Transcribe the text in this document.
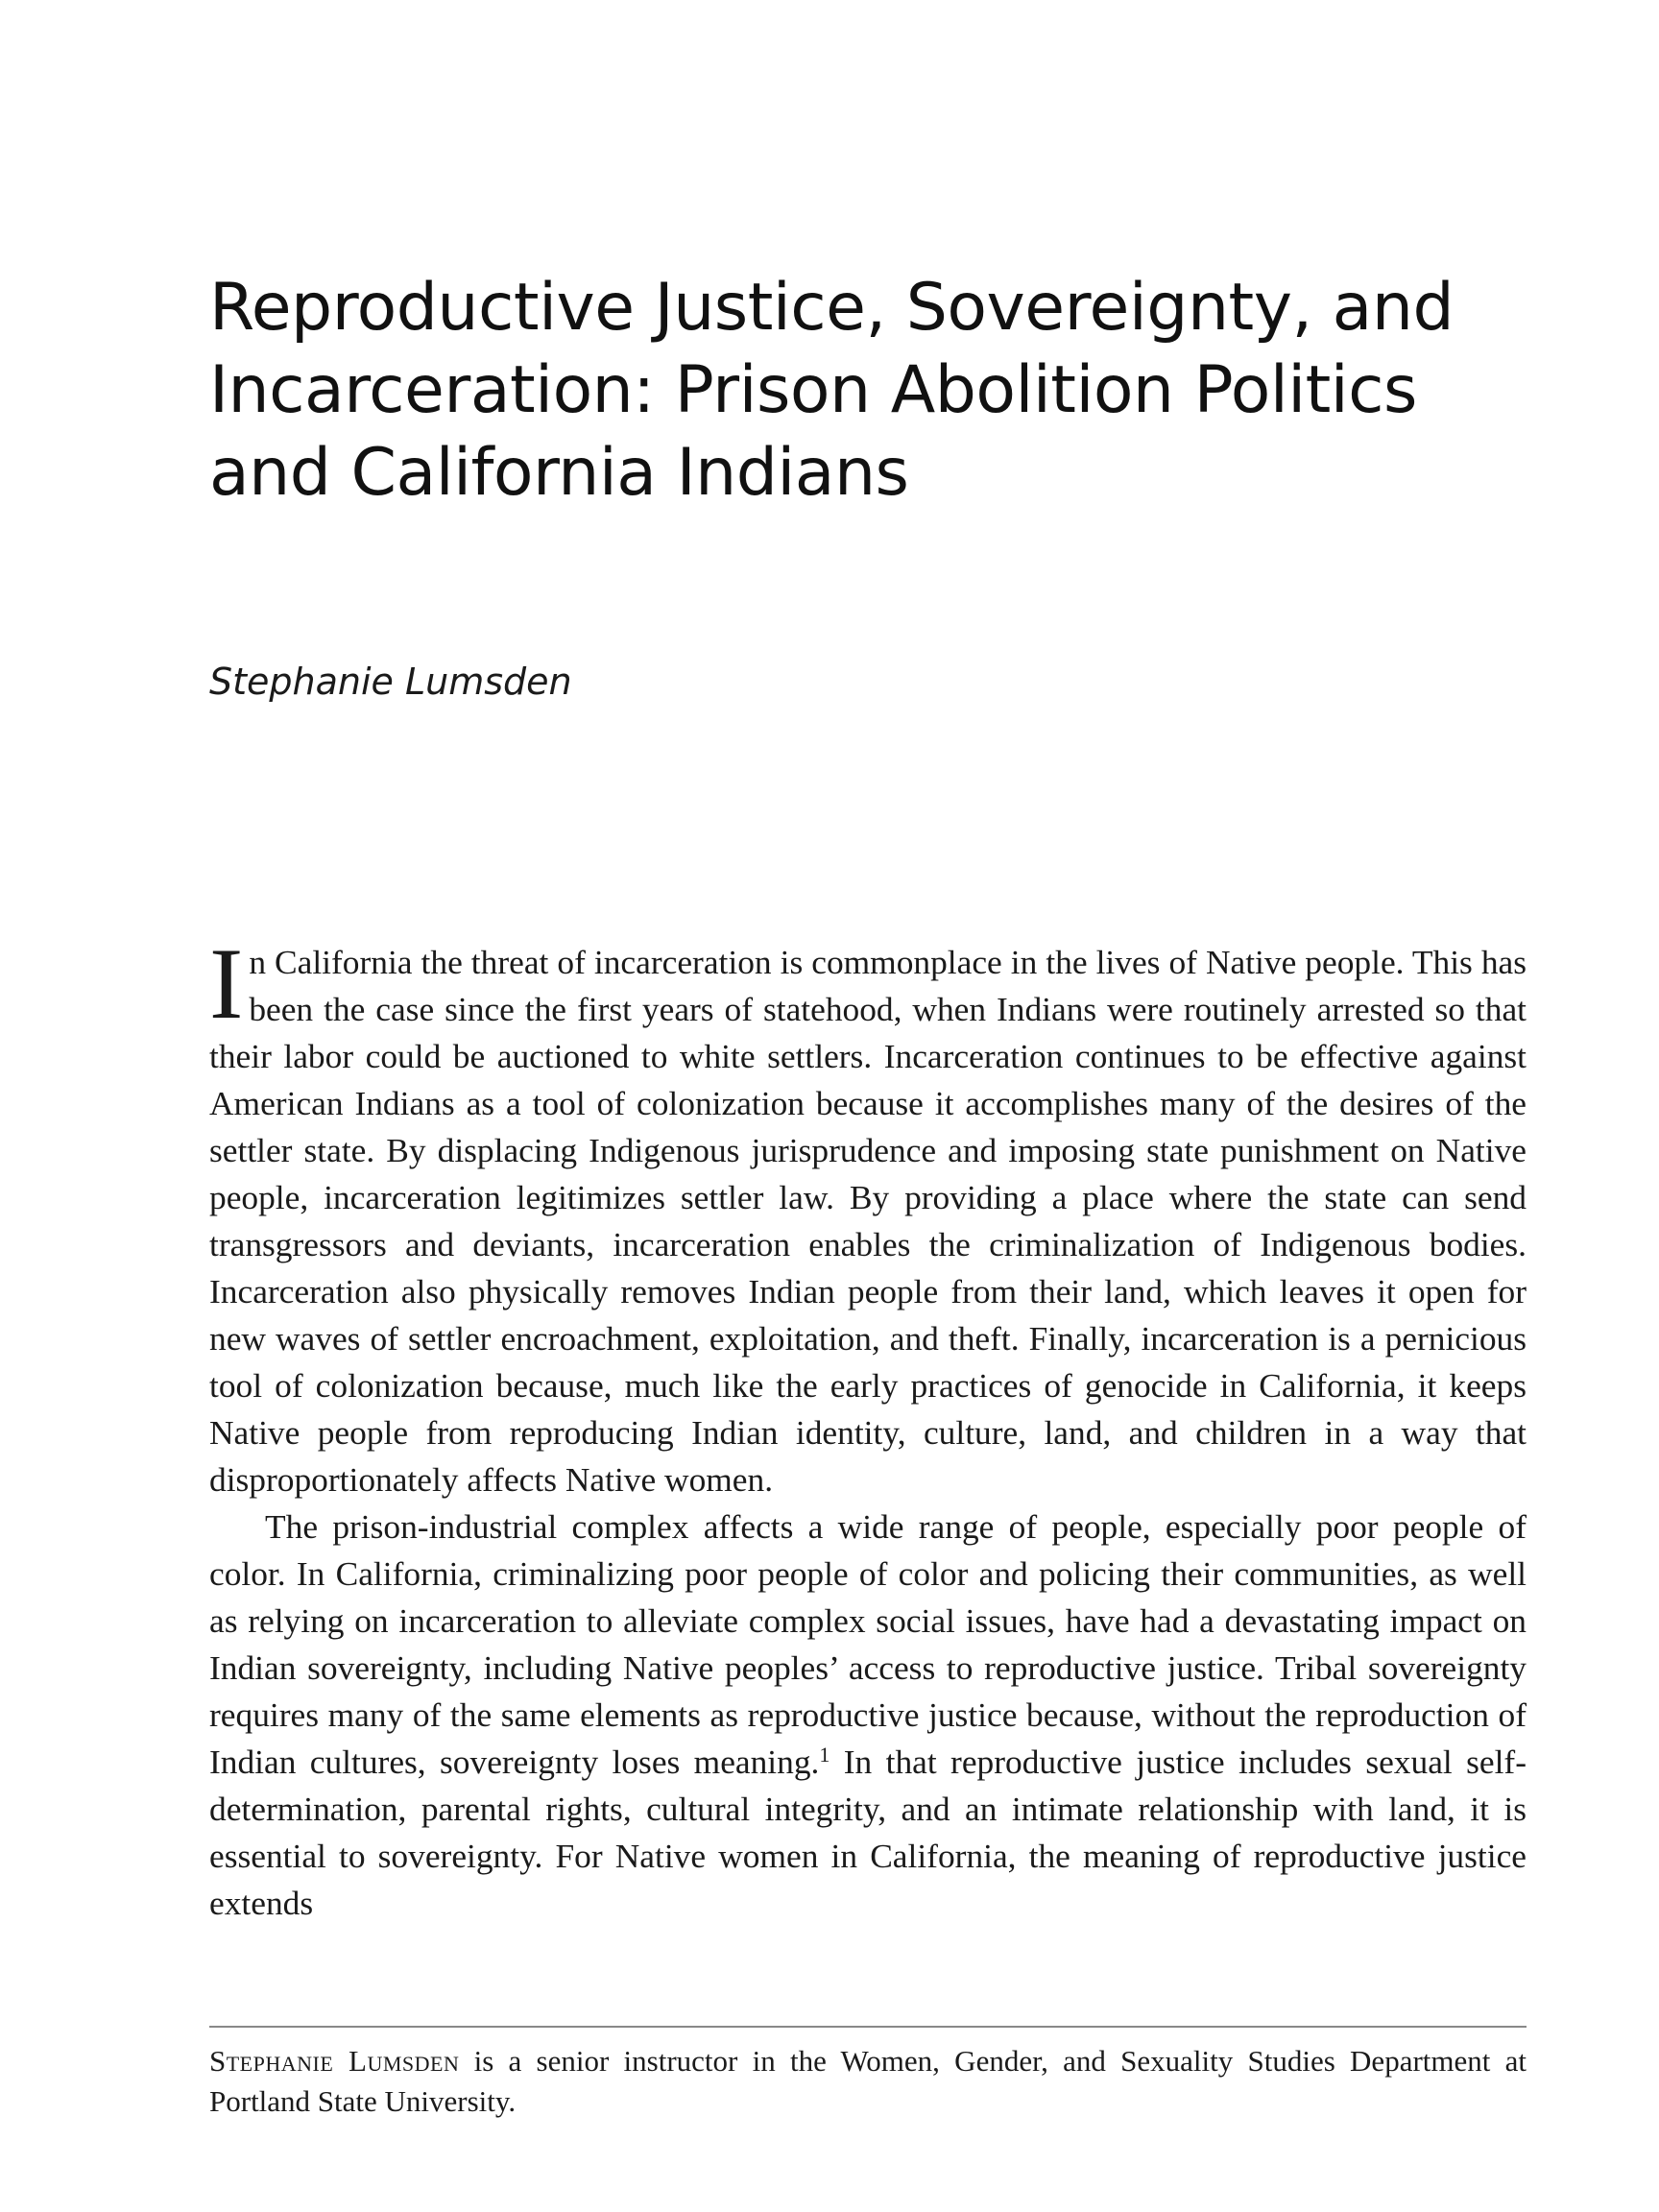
Reproductive Justice, Sovereignty, and Incarceration: Prison Abolition Politics and California Indians
Stephanie Lumsden

In California the threat of incarceration is commonplace in the lives of Native people. This has been the case since the first years of statehood, when Indians were routinely arrested so that their labor could be auctioned to white settlers. Incarceration continues to be effective against American Indians as a tool of colonization because it accomplishes many of the desires of the settler state. By displacing Indigenous jurisprudence and imposing state punishment on Native people, incarceration legitimizes settler law. By providing a place where the state can send transgressors and deviants, incarceration enables the criminalization of Indigenous bodies. Incarceration also physically removes Indian people from their land, which leaves it open for new waves of settler encroachment, exploitation, and theft. Finally, incarceration is a pernicious tool of colonization because, much like the early practices of genocide in California, it keeps Native people from reproducing Indian identity, culture, land, and children in a way that disproportionately affects Native women.

The prison-industrial complex affects a wide range of people, especially poor people of color. In California, criminalizing poor people of color and policing their communities, as well as relying on incarceration to alleviate complex social issues, have had a devastating impact on Indian sovereignty, including Native peoples’ access to reproductive justice. Tribal sovereignty requires many of the same elements as reproductive justice because, without the reproduction of Indian cultures, sovereignty loses meaning.$^1$ In that reproductive justice includes sexual self-determination, parental rights, cultural integrity, and an intimate relationship with land, it is essential to sovereignty. For Native women in California, the meaning of reproductive justice extends

Stephanie Lumsden is a senior instructor in the Women, Gender, and Sexuality Studies Department at Portland State University.
